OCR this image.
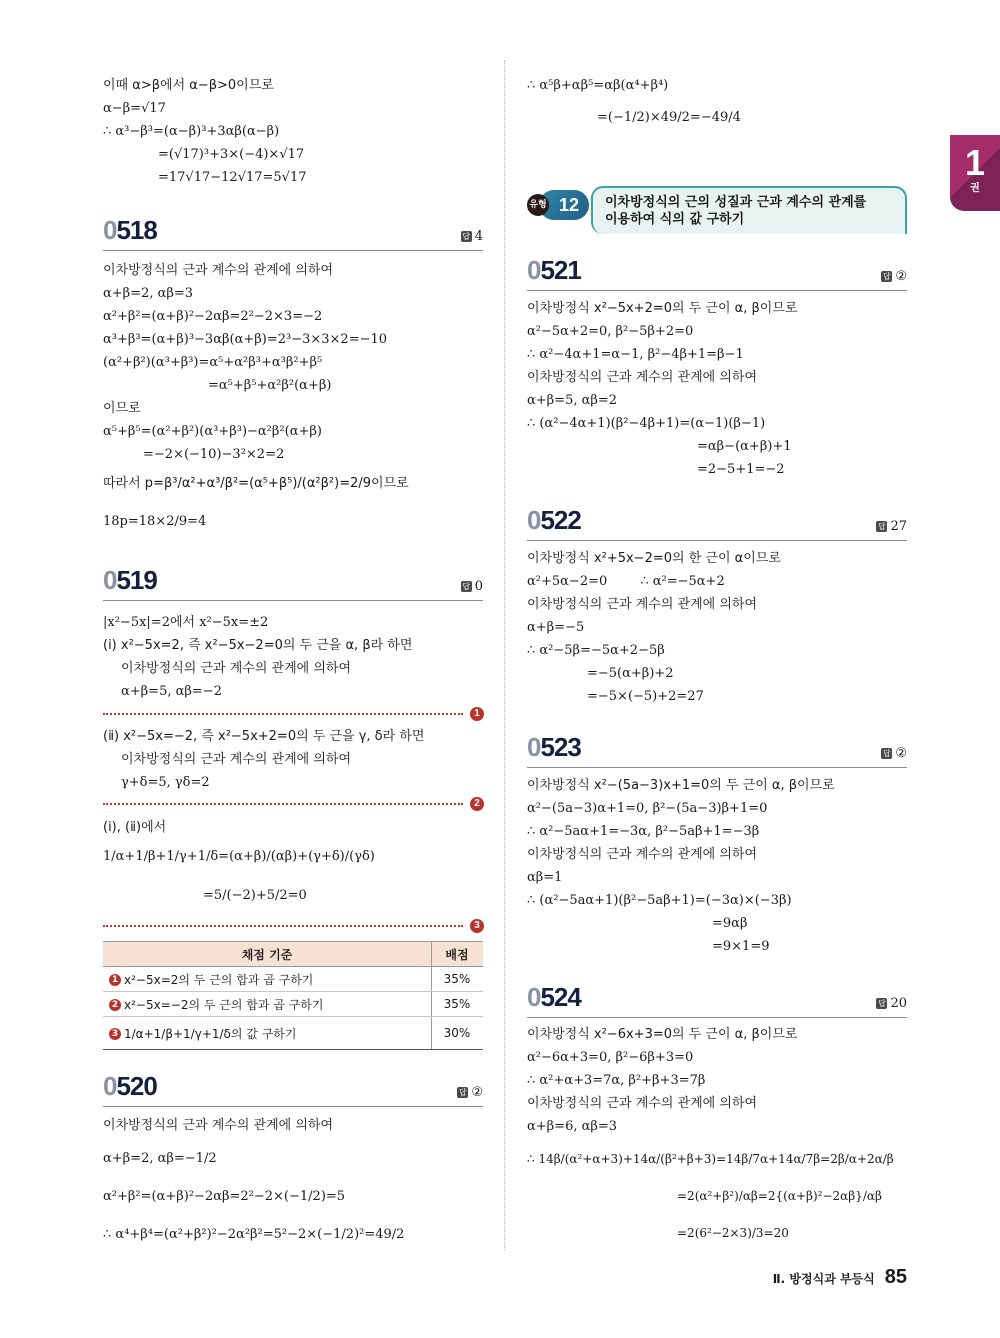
1
권
이때 α>β에서 α−β>0이므로
α−β=√17
∴ α³−β³=(α−β)³+3αβ(α−β)
=(√17)³+3×(−4)×√17
=17√17−12√17=5√17
0518	답 4
이차방정식의 근과 계수의 관계에 의하여
α+β=2, αβ=3
α²+β²=(α+β)²−2αβ=2²−2×3=−2
α³+β³=(α+β)³−3αβ(α+β)=2³−3×3×2=−10
(α²+β²)(α³+β³)=α⁵+α²β³+α³β²+β⁵
=α⁵+β⁵+α²β²(α+β)
이므로
α⁵+β⁵=(α²+β²)(α³+β³)−α²β²(α+β)
=−2×(−10)−3²×2=2
따라서 p=β³/α²+α³/β²=(α⁵+β⁵)/(α²β²)=2/9이므로
18p=18×2/9=4
0519	답 0
|x²−5x|=2에서 x²−5x=±2
(ⅰ) x²−5x=2, 즉 x²−5x−2=0의 두 근을 α, β라 하면
이차방정식의 근과 계수의 관계에 의하여
α+β=5, αβ=−2
1
(ⅱ) x²−5x=−2, 즉 x²−5x+2=0의 두 근을 γ, δ라 하면
이차방정식의 근과 계수의 관계에 의하여
γ+δ=5, γδ=2
2
(ⅰ), (ⅱ)에서
1/α+1/β+1/γ+1/δ=(α+β)/(αβ)+(γ+δ)/(γδ)
=5/(−2)+5/2=0
3
채점 기준	배점
1 x²−5x=2의 두 근의 합과 곱 구하기	35%
2 x²−5x=−2의 두 근의 합과 곱 구하기	35%
3 1/α+1/β+1/γ+1/δ의 값 구하기	30%
0520	답 ②
이차방정식의 근과 계수의 관계에 의하여
α+β=2, αβ=−1/2
α²+β²=(α+β)²−2αβ=2²−2×(−1/2)=5
∴ α⁴+β⁴=(α²+β²)²−2α²β²=5²−2×(−1/2)²=49/2
∴ α⁵β+αβ⁵=αβ(α⁴+β⁴)
=(−1/2)×49/2=−49/4
유형 12	이차방정식의 근의 성질과 근과 계수의 관계를
이용하여 식의 값 구하기
0521	답 ②
이차방정식 x²−5x+2=0의 두 근이 α, β이므로
α²−5α+2=0, β²−5β+2=0
∴ α²−4α+1=α−1, β²−4β+1=β−1
이차방정식의 근과 계수의 관계에 의하여
α+β=5, αβ=2
∴ (α²−4α+1)(β²−4β+1)=(α−1)(β−1)
=αβ−(α+β)+1
=2−5+1=−2
0522	답 27
이차방정식 x²+5x−2=0의 한 근이 α이므로
α²+5α−2=0        ∴ α²=−5α+2
이차방정식의 근과 계수의 관계에 의하여
α+β=−5
∴ α²−5β=−5α+2−5β
=−5(α+β)+2
=−5×(−5)+2=27
0523	답 ②
이차방정식 x²−(5a−3)x+1=0의 두 근이 α, β이므로
α²−(5a−3)α+1=0, β²−(5a−3)β+1=0
∴ α²−5aα+1=−3α, β²−5aβ+1=−3β
이차방정식의 근과 계수의 관계에 의하여
αβ=1
∴ (α²−5aα+1)(β²−5aβ+1)=(−3α)×(−3β)
=9αβ
=9×1=9
0524	답 20
이차방정식 x²−6x+3=0의 두 근이 α, β이므로
α²−6α+3=0, β²−6β+3=0
∴ α²+α+3=7α, β²+β+3=7β
이차방정식의 근과 계수의 관계에 의하여
α+β=6, αβ=3
∴ 14β/(α²+α+3)+14α/(β²+β+3)=14β/7α+14α/7β=2β/α+2α/β
=2(α²+β²)/αβ=2{(α+β)²−2αβ}/αβ
=2(6²−2×3)/3=20
Ⅱ. 방정식과 부등식 85
